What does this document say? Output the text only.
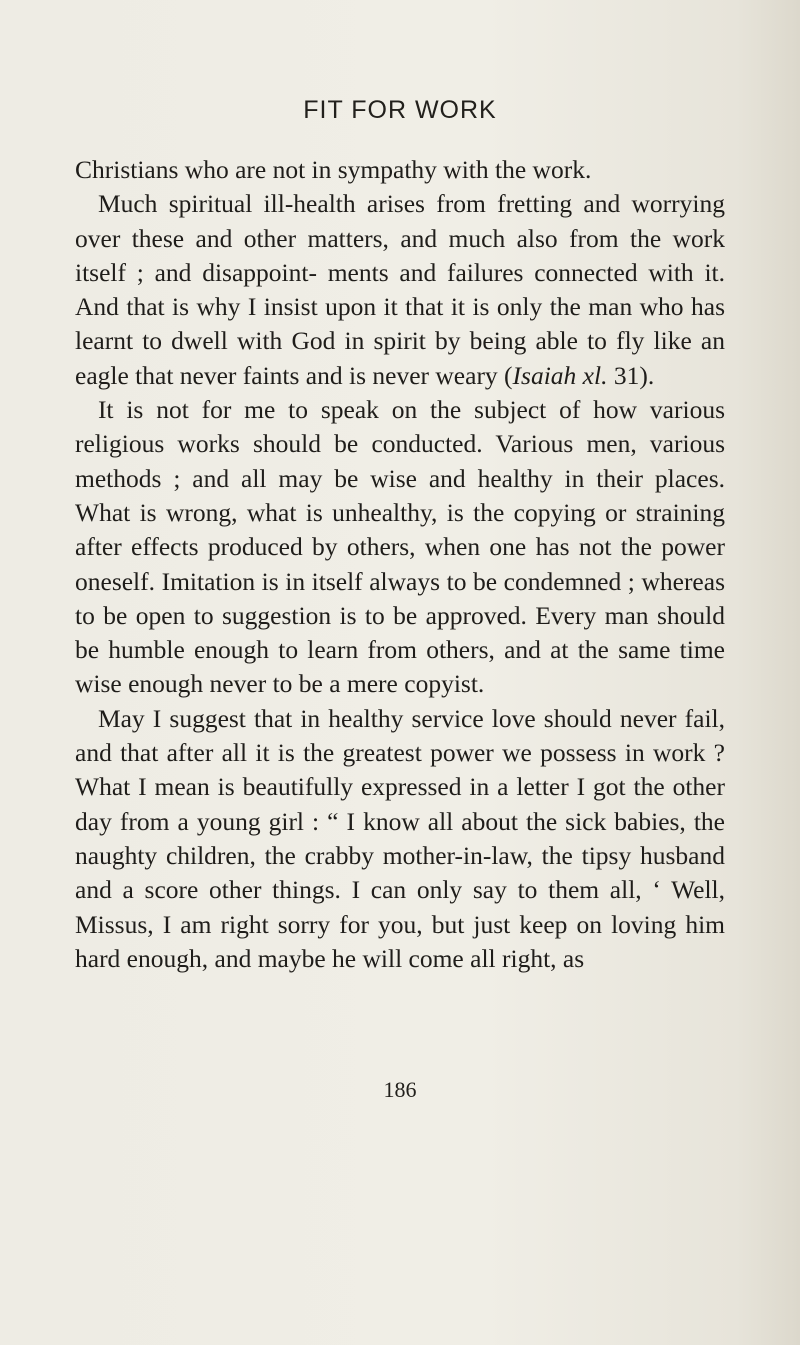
FIT FOR WORK

Christians who are not in sympathy with the work.

Much spiritual ill-health arises from fretting and worrying over these and other matters, and much also from the work itself ; and disappoint- ments and failures connected with it. And that is why I insist upon it that it is only the man who has learnt to dwell with God in spirit by being able to fly like an eagle that never faints and is never weary (Isaiah xl. 31).

It is not for me to speak on the subject of how various religious works should be conducted. Various men, various methods ; and all may be wise and healthy in their places. What is wrong, what is unhealthy, is the copying or straining after effects produced by others, when one has not the power oneself. Imitation is in itself always to be condemned ; whereas to be open to suggestion is to be approved. Every man should be humble enough to learn from others, and at the same time wise enough never to be a mere copyist.

May I suggest that in healthy service love should never fail, and that after all it is the greatest power we possess in work ? What I mean is beautifully expressed in a letter I got the other day from a young girl : “ I know all about the sick babies, the naughty children, the crabby mother-in-law, the tipsy husband and a score other things. I can only say to them all, ‘ Well, Missus, I am right sorry for you, but just keep on loving him hard enough, and maybe he will come all right, as

186
